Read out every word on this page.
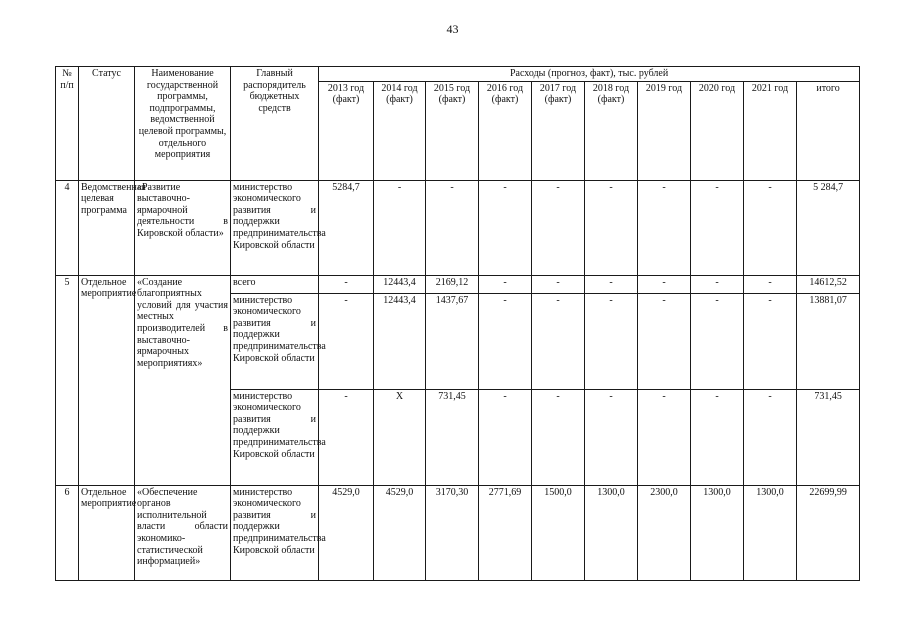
43
№ п/п	Статус	Наименование государственной программы, подпрограммы, ведомственной целевой программы, отдельного мероприятия	Главный распорядитель бюджетных средств	Расходы (прогноз, факт), тыс. рублей									
				2013 год (факт)	2014 год (факт)	2015 год (факт)	2016 год (факт)	2017 год (факт)	2018 год (факт)	2019 год	2020 год	2021 год	итого
4	Ведомственная целевая программа	«Развитие выставочно-ярмарочной деятельности в Кировской области»	министерство экономического развития и поддержки предпринимательства Кировской области	5284,7	-	-	-	-	-	-	-	-	5 284,7
5	Отдельное мероприятие	«Создание благоприятных условий для участия местных производителей в выставочно-ярмарочных мероприятиях»	всего	-	12443,4	2169,12	-	-	-	-	-	-	14612,52
			министерство экономического развития и поддержки предпринимательства Кировской области	-	12443,4	1437,67	-	-	-	-	-	-	13881,07
			министерство экономического развития и поддержки предпринимательства Кировской области	-	Х	731,45	-	-	-	-	-	-	731,45
6	Отдельное мероприятие	«Обеспечение органов исполнительной власти области экономико-статистической информацией»	министерство экономического развития и поддержки предпринимательства Кировской области	4529,0	4529,0	3170,30	2771,69	1500,0	1300,0	2300,0	1300,0	1300,0	22699,99
